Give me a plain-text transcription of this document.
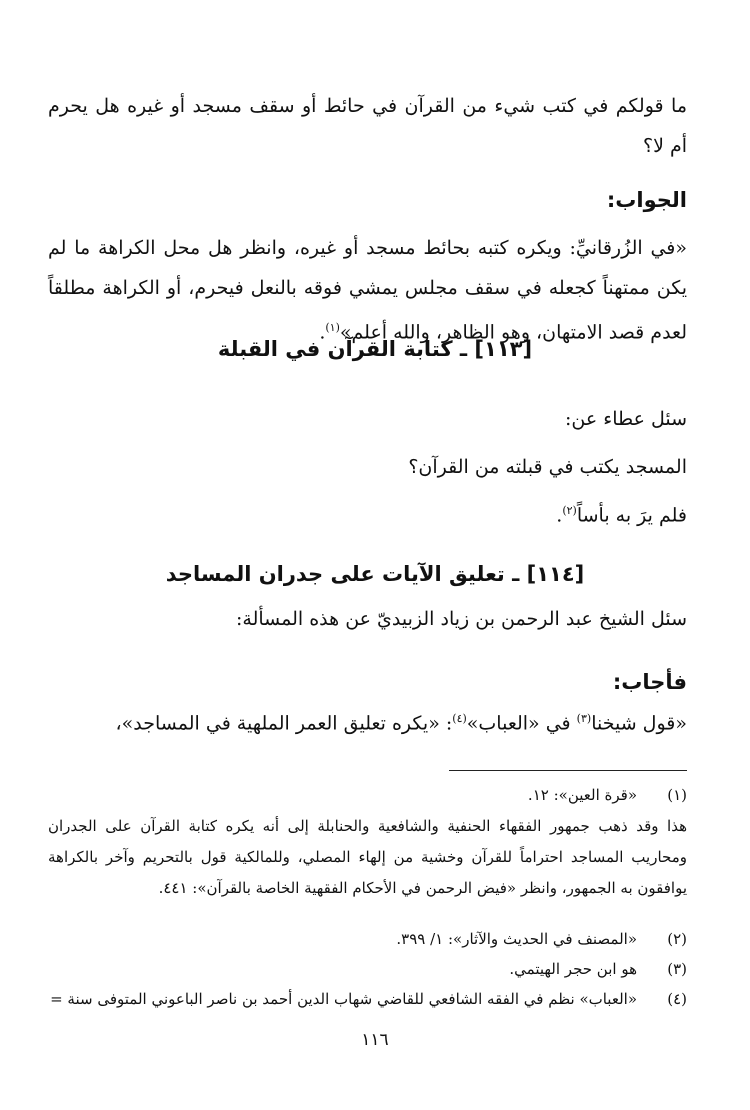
ما قولكم في كتب شيء من القرآن في حائط أو سقف مسجد أو غيره هل يحرم أم لا؟

الجواب:

«في الزُرقانيِّ: ويكره كتبه بحائط مسجد أو غيره، وانظر هل محل الكراهة ما لم يكن ممتهناً كجعله في سقف مجلس يمشي فوقه بالنعل فيحرم، أو الكراهة مطلقاً لعدم قصد الامتهان، وهو الظاهر، والله أعلم»$^{(١)}$.

[١١٣] ـ كتابة القرآن في القبلة
سئل عطاء عن:
المسجد يكتب في قبلته من القرآن؟
فلم يرَ به بأساً$^{(٢)}$.
[١١٤] ـ تعليق الآيات على جدران المساجد
سئل الشيخ عبد الرحمن بن زياد الزبيديّ عن هذه المسألة:
فأجاب:
«قول شيخنا$^{(٣)}$ في «العباب»$^{(٤)}$: «يكره تعليق العمر الملهية في المساجد»،
(١)
«قرة العين»: ١٢.
هذا وقد ذهب جمهور الفقهاء الحنفية والشافعية والحنابلة إلى أنه يكره كتابة القرآن على الجدران ومحاريب المساجد احتراماً للقرآن وخشية من إلهاء المصلي، وللمالكية قول بالتحريم وآخر بالكراهة يوافقون به الجمهور، وانظر «فيض الرحمن في الأحكام الفقهية الخاصة بالقرآن»: ٤٤١.
(٢)
«المصنف في الحديث والآثار»: ١/ ٣٩٩.
(٣)
هو ابن حجر الهيتمي.
(٤)
«العباب» نظم في الفقه الشافعي للقاضي شهاب الدين أحمد بن ناصر الباعوني المتوفى سنة =
١١٦
